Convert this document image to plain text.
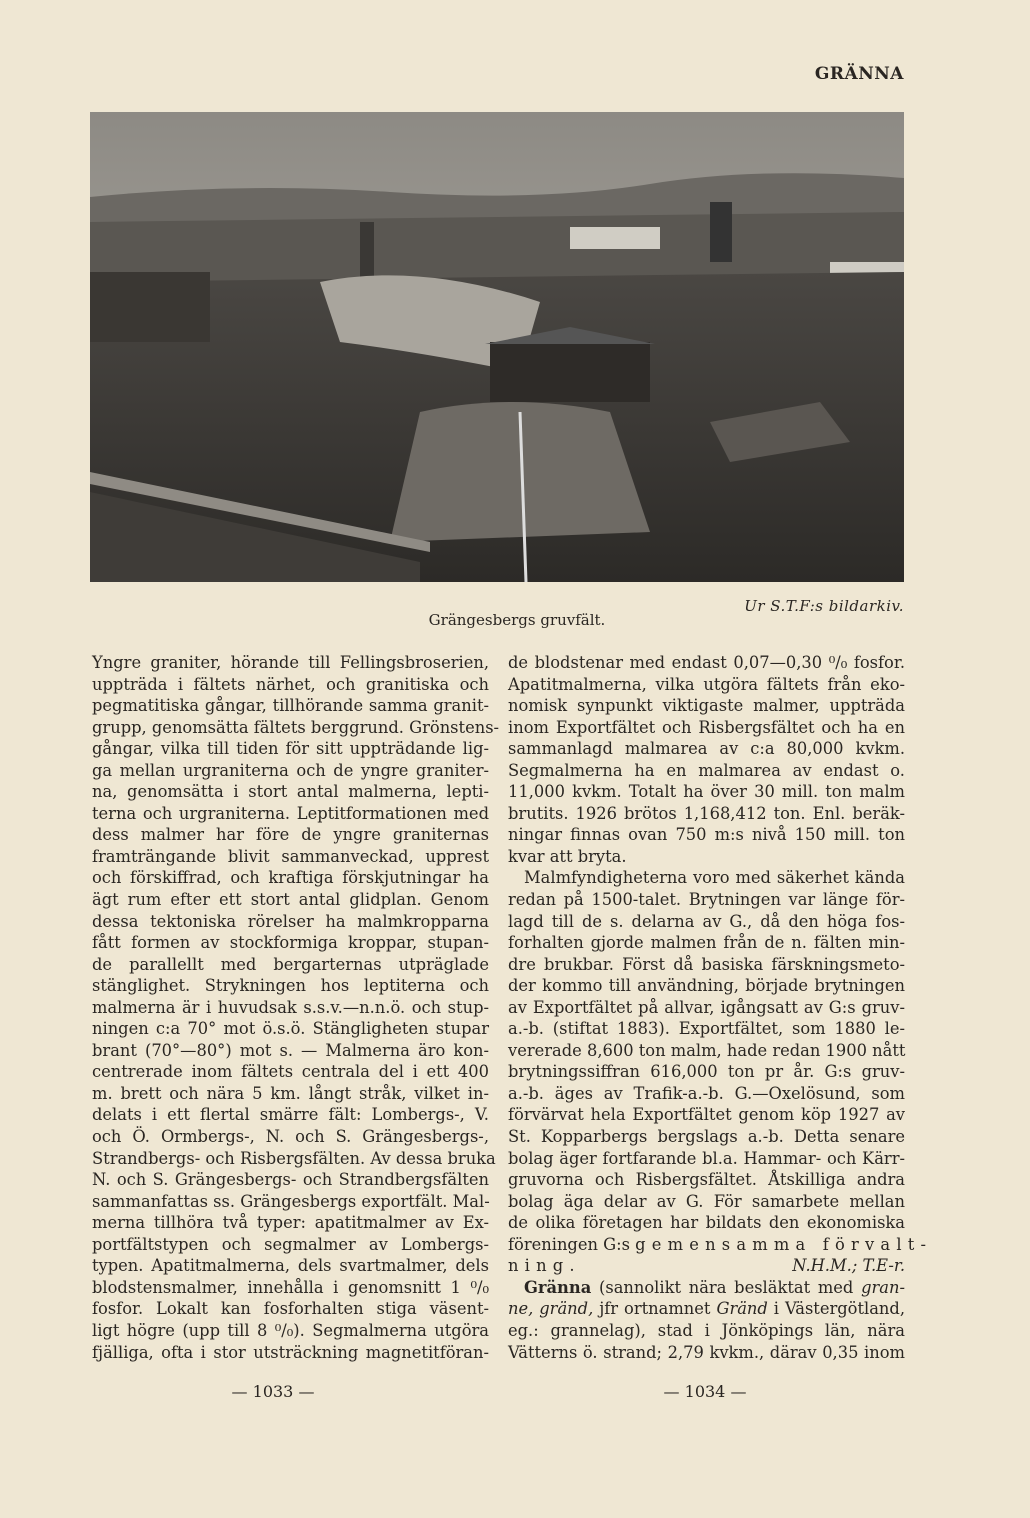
GRÄNNA
Ur S.T.F:s bildarkiv.
Grängesbergs gruvfält.
Yngre graniter, hörande till Fellingsbroserien,
uppträda i fältets närhet, och granitiska och
pegmatitiska gångar, tillhörande samma granit-
grupp, genomsätta fältets berggrund. Grönstens-
gångar, vilka till tiden för sitt uppträdande lig-
ga mellan urgraniterna och de yngre graniter-
na, genomsätta i stort antal malmerna, lepti-
terna och urgraniterna. Leptitformationen med
dess malmer har före de yngre graniternas
framträngande blivit sammanveckad, upprest
och förskiffrad, och kraftiga förskjutningar ha
ägt rum efter ett stort antal glidplan. Genom
dessa tektoniska rörelser ha malmkropparna
fått formen av stockformiga kroppar, stupan-
de parallellt med bergarternas utpräglade
stänglighet. Strykningen hos leptiterna och
malmerna är i huvudsak s.s.v.—n.n.ö. och stup-
ningen c:a 70° mot ö.s.ö. Stängligheten stupar
brant (70°—80°) mot s. — Malmerna äro kon-
centrerade inom fältets centrala del i ett 400
m. brett och nära 5 km. långt stråk, vilket in-
delats i ett flertal smärre fält: Lombergs-, V.
och Ö. Ormbergs-, N. och S. Grängesbergs-,
Strandbergs- och Risbergsfälten. Av dessa bruka
N. och S. Grängesbergs- och Strandbergsfälten
sammanfattas ss. Grängesbergs exportfält. Mal-
merna tillhöra två typer: apatitmalmer av Ex-
portfältstypen och segmalmer av Lombergs-
typen. Apatitmalmerna, dels svartmalmer, dels
blodstensmalmer, innehålla i genomsnitt 1 ⁰/₀
fosfor. Lokalt kan fosforhalten stiga väsent-
ligt högre (upp till 8 ⁰/₀). Segmalmerna utgöra
fjälliga, ofta i stor utsträckning magnetitföran-
de blodstenar med endast 0,07—0,30 ⁰/₀ fosfor.
Apatitmalmerna, vilka utgöra fältets från eko-
nomisk synpunkt viktigaste malmer, uppträda
inom Exportfältet och Risbergsfältet och ha en
sammanlagd malmarea av c:a 80,000 kvkm.
Segmalmerna ha en malmarea av endast o.
11,000 kvkm. Totalt ha över 30 mill. ton malm
brutits. 1926 brötos 1,168,412 ton. Enl. beräk-
ningar finnas ovan 750 m:s nivå 150 mill. ton
kvar att bryta.
Malmfyndigheterna voro med säkerhet kända
redan på 1500-talet. Brytningen var länge för-
lagd till de s. delarna av G., då den höga fos-
forhalten gjorde malmen från de n. fälten min-
dre brukbar. Först då basiska färskningsmeto-
der kommo till användning, började brytningen
av Exportfältet på allvar, igångsatt av G:s gruv-
a.-b. (stiftat 1883). Exportfältet, som 1880 le-
vererade 8,600 ton malm, hade redan 1900 nått
brytningssiffran 616,000 ton pr år. G:s gruv-
a.-b. äges av Trafik-a.-b. G.—Oxelösund, som
förvärvat hela Exportfältet genom köp 1927 av
St. Kopparbergs bergslags a.-b. Detta senare
bolag äger fortfarande bl.a. Hammar- och Kärr-
gruvorna och Risbergsfältet. Åtskilliga andra
bolag äga delar av G. För samarbete mellan
de olika företagen har bildats den ekonomiska
föreningen G:s gemensamma förvalt-
ning.	N.H.M.; T.E-r.
Gränna (sannolikt nära besläktat med gran-
ne, gränd, jfr ortnamnet Gränd i Västergötland,
eg.: grannelag), stad i Jönköpings län, nära
Vätterns ö. strand; 2,79 kvkm., därav 0,35 inom
— 1033 —	— 1034 —
